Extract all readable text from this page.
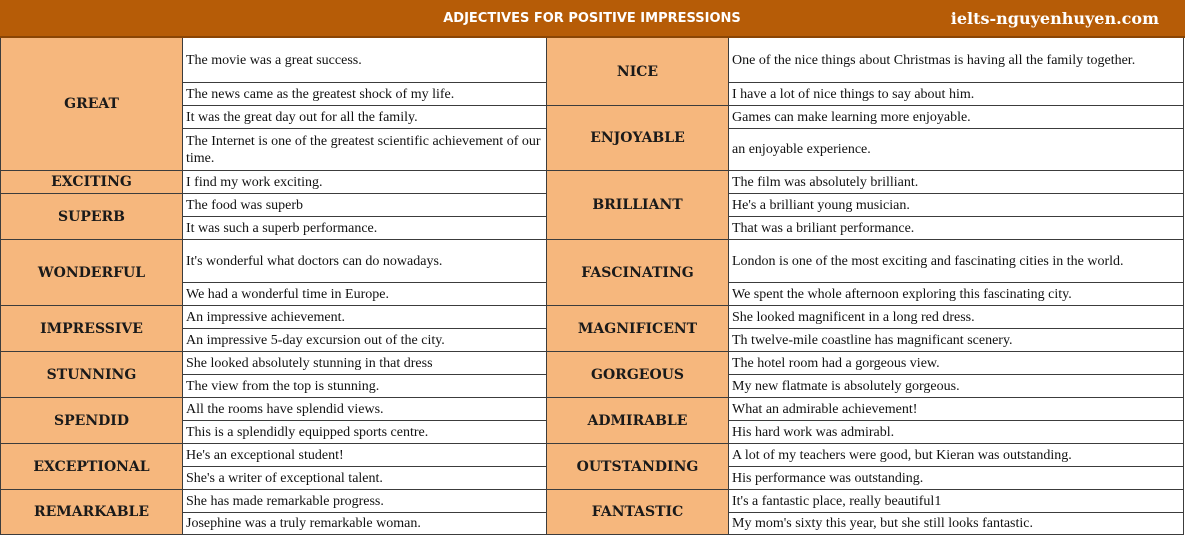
ADJECTIVES FOR POSITIVE IMPRESSIONS	ielts-nguyenhuyen.com
The movie was a great success.
The news came as the greatest shock of my life.
It was the great day out for all the family.
The Internet is one of the greatest scientific achievement of our time.
GREAT
I find my work exciting.
EXCITING
The food was superb
It was such a superb performance.
SUPERB
It's wonderful what doctors can do nowadays.
We had a wonderful time in Europe.
WONDERFUL
An impressive achievement.
An impressive 5-day excursion out of the city.
IMPRESSIVE
She looked absolutely stunning in that dress
The view from the top is stunning.
STUNNING
All the rooms have splendid views.
This is a splendidly equipped sports centre.
SPENDID
He's an exceptional student!
She's a writer of exceptional talent.
EXCEPTIONAL
She has made remarkable progress.
Josephine was a truly remarkable woman.
REMARKABLE
One of the nice things about Christmas is having all the family together.
I have a lot of nice things to say about him.
NICE
Games can make learning more enjoyable.
an enjoyable experience.
ENJOYABLE
The film was absolutely brilliant.
He's a brilliant young musician.
That was a briliant performance.
BRILLIANT
London is one of the most exciting and fascinating cities in the world.
We spent the whole afternoon exploring this fascinating city.
FASCINATING
She looked magnificent in a long red dress.
Th twelve-mile coastline has magnificant scenery.
MAGNIFICENT
The hotel room had a gorgeous view.
My new flatmate is absolutely gorgeous.
GORGEOUS
What an admirable achievement!
His hard work was admirabl.
ADMIRABLE
A lot of my teachers were good, but Kieran was outstanding.
His performance was outstanding.
OUTSTANDING
It's a fantastic place, really beautiful1
My mom's sixty this year, but she still looks fantastic.
FANTASTIC
